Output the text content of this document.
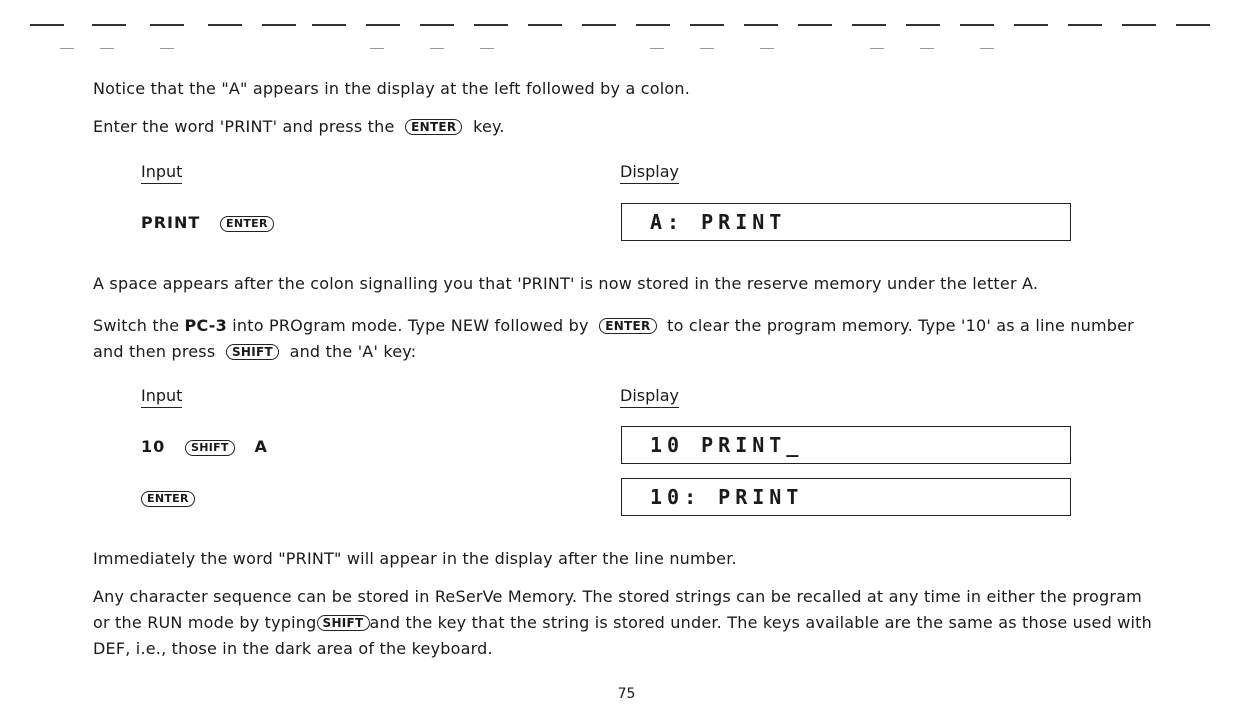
Notice that the "A" appears in the display at the left followed by a colon.

Enter the word 'PRINT' and press the ENTER key.

Input	Display
PRINT ENTER	A: PRINT

A space appears after the colon signalling you that 'PRINT' is now stored in the reserve memory under the letter A.

Switch the PC-3 into PROgram mode. Type NEW followed by ENTER to clear the program memory. Type '10' as a line number

and then press SHIFT and the 'A' key:

Input	Display
10 SHIFT A	10 PRINT_
ENTER	10: PRINT

Immediately the word "PRINT" will appear in the display after the line number.

Any character sequence can be stored in ReSerVe Memory. The stored strings can be recalled at any time in either the program

or the RUN mode by typing SHIFT and the key that the string is stored under. The keys available are the same as those used with

DEF, i.e., those in the dark area of the keyboard.

75
